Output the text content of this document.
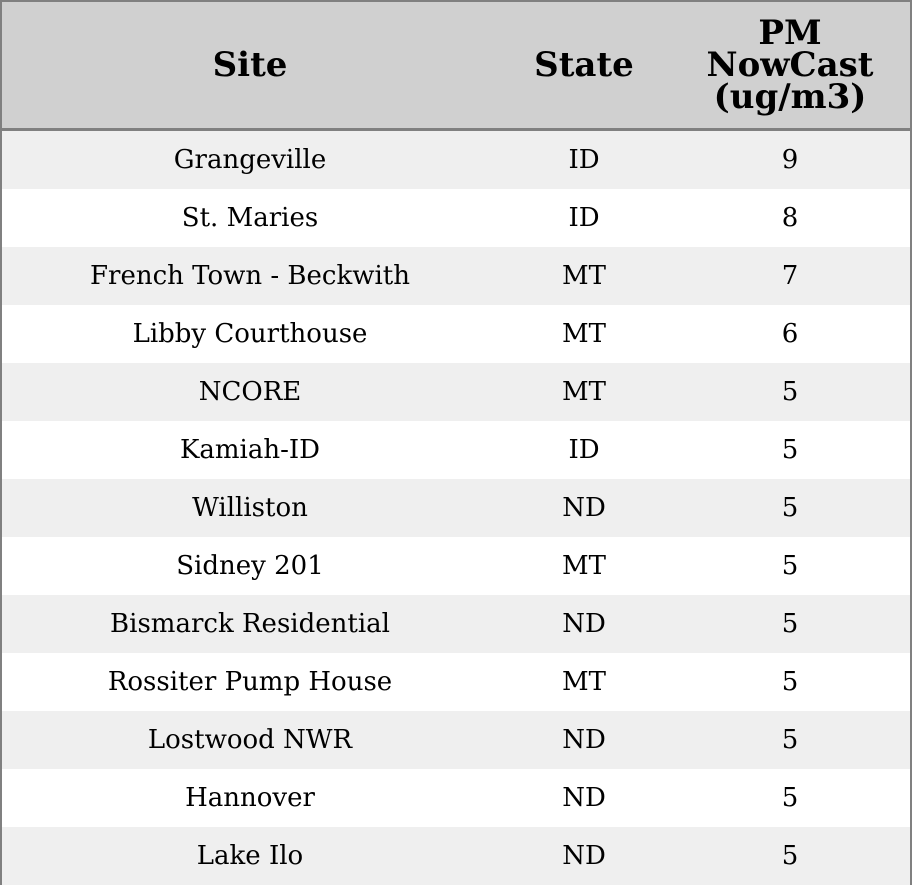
Site	State	PM
NowCast
(ug/m3)

Grangeville	ID	9
St. Maries	ID	8
French Town - Beckwith	MT	7
Libby Courthouse	MT	6
NCORE	MT	5
Kamiah-ID	ID	5
Williston	ND	5
Sidney 201	MT	5
Bismarck Residential	ND	5
Rossiter Pump House	MT	5
Lostwood NWR	ND	5
Hannover	ND	5
Lake Ilo	ND	5
